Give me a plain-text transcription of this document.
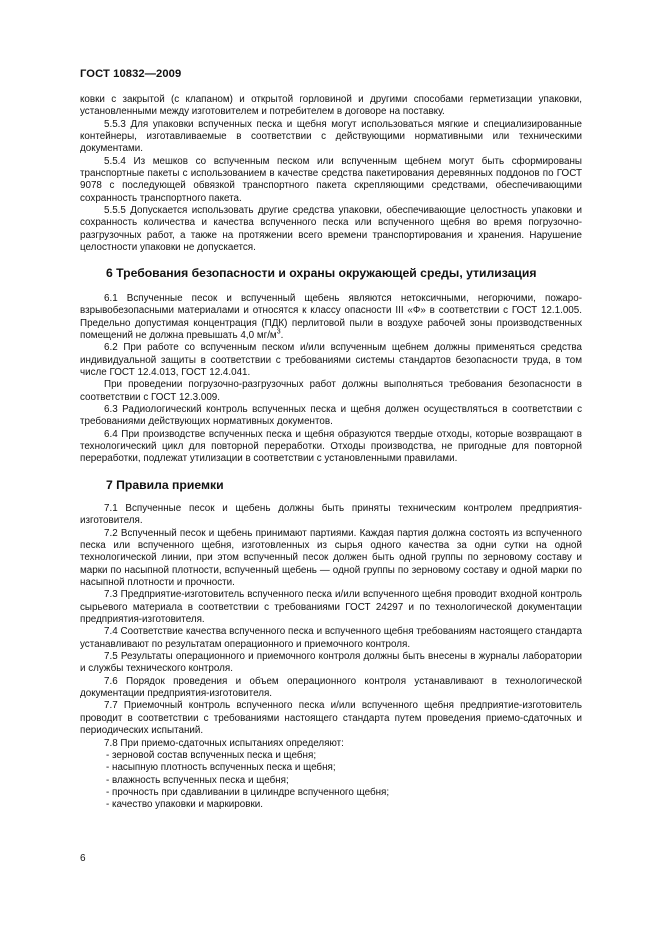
ГОСТ 10832—2009

ковки с закрытой (с клапаном) и открытой горловиной и другими способами герметизации упаковки, установленными между изготовителем и потребителем в договоре на поставку.

5.5.3 Для упаковки вспученных песка и щебня могут использоваться мягкие и специализированные контейнеры, изготавливаемые в соответствии с действующими нормативными или техническими документами.

5.5.4 Из мешков со вспученным песком или вспученным щебнем могут быть сформированы транспортные пакеты с использованием в качестве средства пакетирования деревянных поддонов по ГОСТ 9078 с последующей обвязкой транспортного пакета скрепляющими средствами, обеспечивающими сохранность транспортного пакета.

5.5.5 Допускается использовать другие средства упаковки, обеспечивающие целостность упаковки и сохранность количества и качества вспученного песка или вспученного щебня во время погрузочно-разгрузочных работ, а также на протяжении всего времени транспортирования и хранения. Нарушение целостности упаковки не допускается.

6 Требования безопасности и охраны окружающей среды, утилизация

6.1 Вспученные песок и вспученный щебень являются нетоксичными, негорючими, пожаро-взрывобезопасными материалами и относятся к классу опасности III «Ф» в соответствии с ГОСТ 12.1.005. Предельно допустимая концентрация (ПДК) перлитовой пыли в воздухе рабочей зоны производственных помещений не должна превышать 4,0 $мг/м^3$.

6.2 При работе со вспученным песком и/или вспученным щебнем должны применяться средства индивидуальной защиты в соответствии с требованиями системы стандартов безопасности труда, в том числе ГОСТ 12.4.013, ГОСТ 12.4.041.

При проведении погрузочно-разгрузочных работ должны выполняться требования безопасности в соответствии с ГОСТ 12.3.009.

6.3 Радиологический контроль вспученных песка и щебня должен осуществляться в соответствии с требованиями действующих нормативных документов.

6.4 При производстве вспученных песка и щебня образуются твердые отходы, которые возвращают в технологический цикл для повторной переработки. Отходы производства, не пригодные для повторной переработки, подлежат утилизации в соответствии с установленными правилами.

7 Правила приемки

7.1 Вспученные песок и щебень должны быть приняты техническим контролем предприятия-изготовителя.

7.2 Вспученный песок и щебень принимают партиями. Каждая партия должна состоять из вспученного песка или вспученного щебня, изготовленных из сырья одного качества за одни сутки на одной технологической линии, при этом вспученный песок должен быть одной группы по зерновому составу и марки по насыпной плотности, вспученный щебень — одной группы по зерновому составу и одной марки по насыпной плотности и прочности.

7.3 Предприятие-изготовитель вспученного песка и/или вспученного щебня проводит входной контроль сырьевого материала в соответствии с требованиями ГОСТ 24297 и по технологической документации предприятия-изготовителя.

7.4 Соответствие качества вспученного песка и вспученного щебня требованиям настоящего стандарта устанавливают по результатам операционного и приемочного контроля.

7.5 Результаты операционного и приемочного контроля должны быть внесены в журналы лаборатории и службы технического контроля.

7.6 Порядок проведения и объем операционного контроля устанавливают в технологической документации предприятия-изготовителя.

7.7 Приемочный контроль вспученного песка и/или вспученного щебня предприятие-изготовитель проводит в соответствии с требованиями настоящего стандарта путем проведения приемо-сдаточных и периодических испытаний.

7.8 При приемо-сдаточных испытаниях определяют:

- зерновой состав вспученных песка и щебня;

- насыпную плотность вспученных песка и щебня;

- влажность вспученных песка и щебня;

- прочность при сдавливании в цилиндре вспученного щебня;

- качество упаковки и маркировки.

6
